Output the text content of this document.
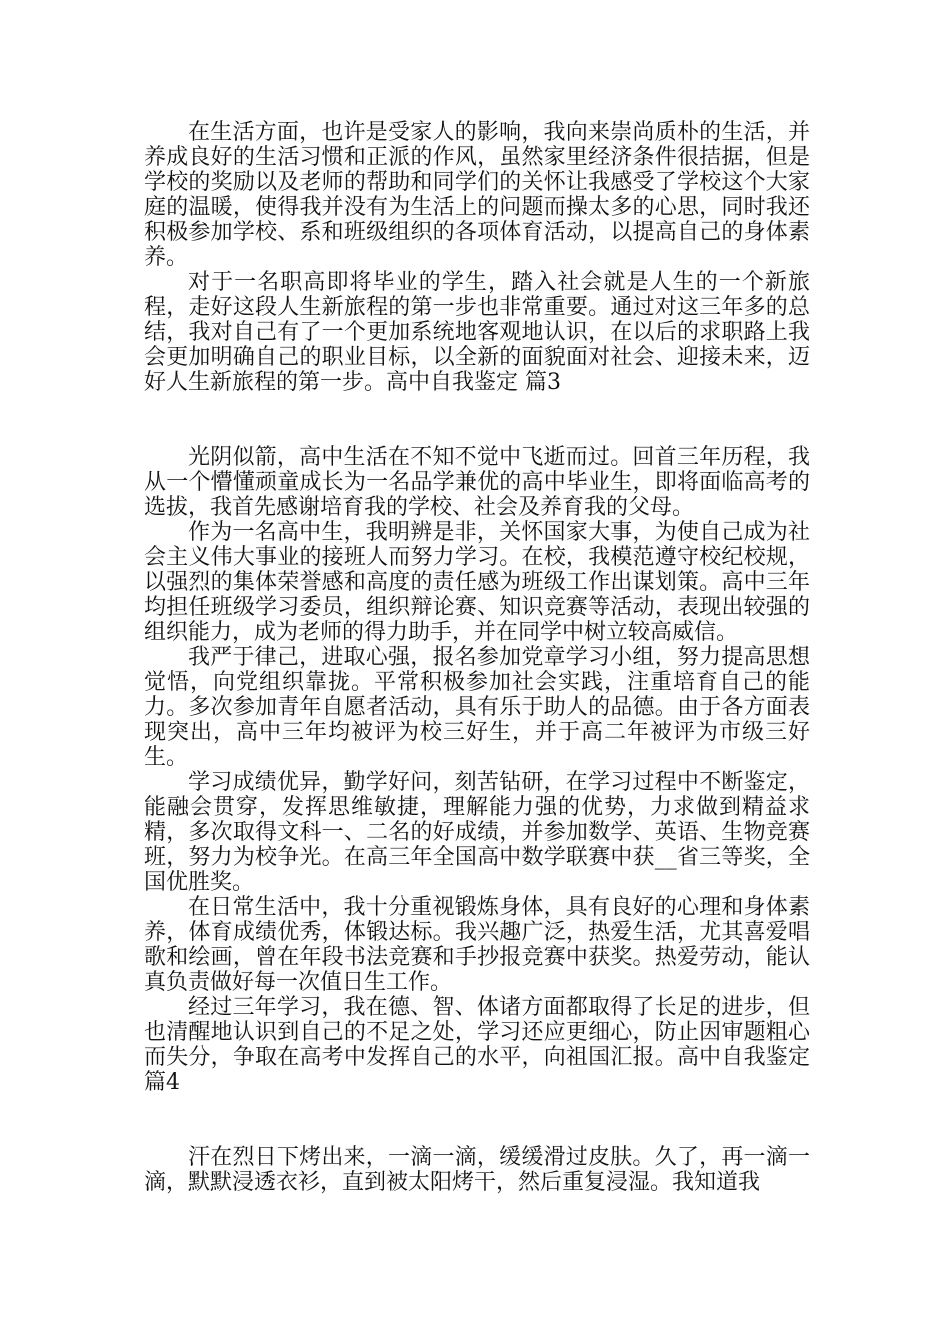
在生活方面，也许是受家人的影响，我向来崇尚质朴的生活，并养成良好的生活习惯和正派的作风，虽然家里经济条件很拮据，但是学校的奖励以及老师的帮助和同学们的关怀让我感受了学校这个大家庭的温暖，使得我并没有为生活上的问题而操太多的心思，同时我还积极参加学校、系和班级组织的各项体育活动，以提高自己的身体素养。

对于一名职高即将毕业的学生，踏入社会就是人生的一个新旅程，走好这段人生新旅程的第一步也非常重要。通过对这三年多的总结，我对自己有了一个更加系统地客观地认识，在以后的求职路上我会更加明确自己的职业目标，以全新的面貌面对社会、迎接未来，迈好人生新旅程的第一步。高中自我鉴定 篇3

光阴似箭，高中生活在不知不觉中飞逝而过。回首三年历程，我从一个懵懂顽童成长为一名品学兼优的高中毕业生，即将面临高考的选拔，我首先感谢培育我的学校、社会及养育我的父母。

作为一名高中生，我明辨是非，关怀国家大事，为使自己成为社会主义伟大事业的接班人而努力学习。在校，我模范遵守校纪校规，以强烈的集体荣誉感和高度的责任感为班级工作出谋划策。高中三年均担任班级学习委员，组织辩论赛、知识竞赛等活动，表现出较强的组织能力，成为老师的得力助手，并在同学中树立较高威信。

我严于律己，进取心强，报名参加党章学习小组，努力提高思想觉悟，向党组织靠拢。平常积极参加社会实践，注重培育自己的能力。多次参加青年自愿者活动，具有乐于助人的品德。由于各方面表现突出，高中三年均被评为校三好生，并于高二年被评为市级三好生。

学习成绩优异，勤学好问，刻苦钻研，在学习过程中不断鉴定，能融会贯穿，发挥思维敏捷，理解能力强的优势，力求做到精益求精，多次取得文科一、二名的好成绩，并参加数学、英语、生物竞赛班，努力为校争光。在高三年全国高中数学联赛中获__省三等奖，全国优胜奖。

在日常生活中，我十分重视锻炼身体，具有良好的心理和身体素养，体育成绩优秀，体锻达标。我兴趣广泛，热爱生活，尤其喜爱唱歌和绘画，曾在年段书法竞赛和手抄报竞赛中获奖。热爱劳动，能认真负责做好每一次值日生工作。

经过三年学习，我在德、智、体诸方面都取得了长足的进步，但也清醒地认识到自己的不足之处，学习还应更细心，防止因审题粗心而失分，争取在高考中发挥自己的水平，向祖国汇报。高中自我鉴定 篇4

汗在烈日下烤出来，一滴一滴，缓缓滑过皮肤。久了，再一滴一滴，默默浸透衣衫，直到被太阳烤干，然后重复浸湿。我知道我
